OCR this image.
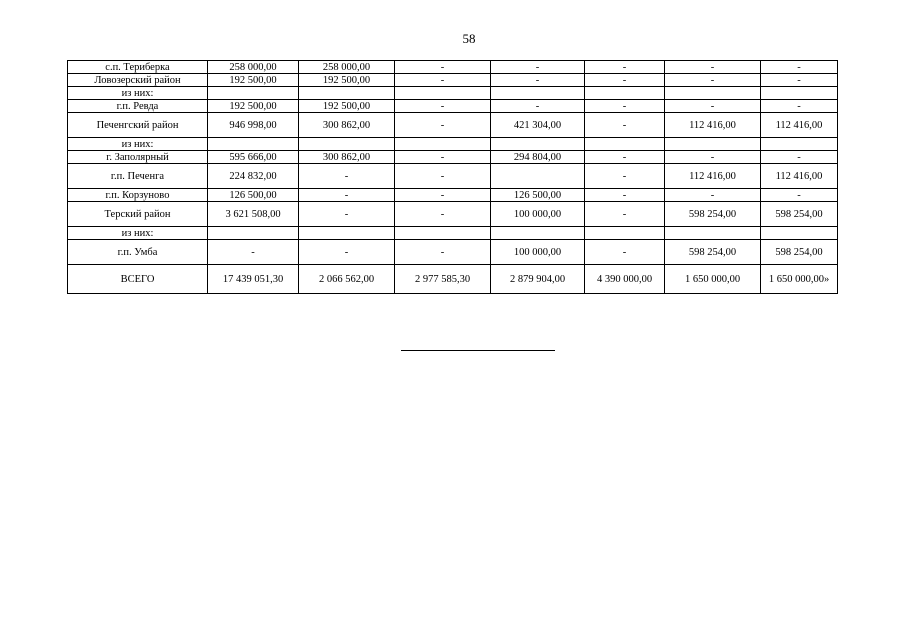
58
с.п. Териберка	258 000,00	258 000,00	-	-	-	-	-
Ловозерский район	192 500,00	192 500,00	-	-	-	-	-
из них:							
г.п. Ревда	192 500,00	192 500,00	-	-	-	-	-
Печенгский район	946 998,00	300 862,00	-	421 304,00	-	112 416,00	112 416,00
из них:							
г. Заполярный	595 666,00	300 862,00	-	294 804,00	-	-	-
г.п. Печенга	224 832,00	-	-		-	112 416,00	112 416,00
г.п. Корзуново	126 500,00	-	-	126 500,00	-	-	-
Терский район	3 621 508,00	-	-	100 000,00	-	598 254,00	598 254,00
из них:							
г.п. Умба	-	-	-	100 000,00	-	598 254,00	598 254,00
ВСЕГО	17 439 051,30	2 066 562,00	2 977 585,30	2 879 904,00	4 390 000,00	1 650 000,00	1 650 000,00»
